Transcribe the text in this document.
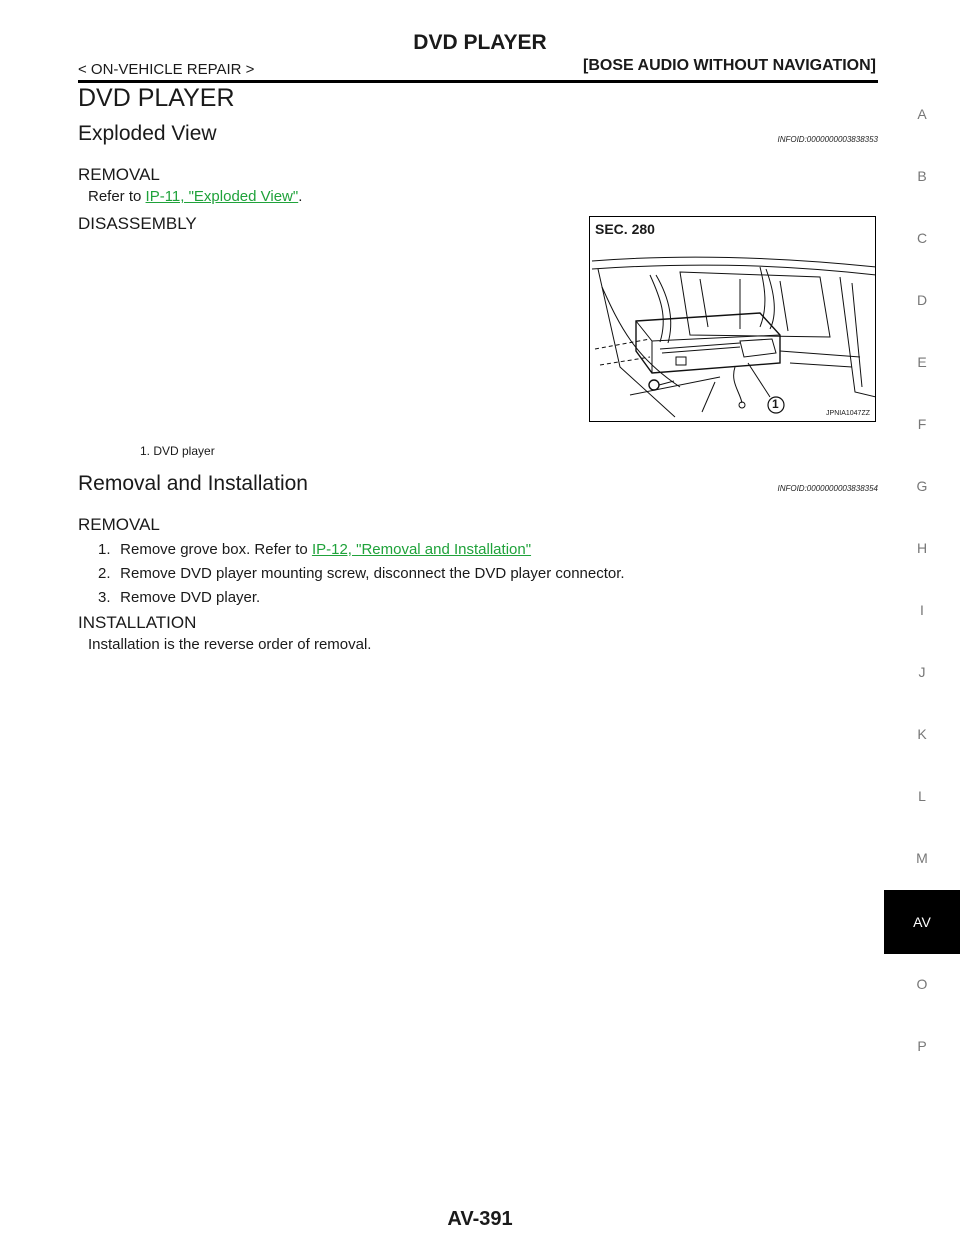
DVD PLAYER
< ON-VEHICLE REPAIR >	[BOSE AUDIO WITHOUT NAVIGATION]
DVD PLAYER
Exploded View	INFOID:0000000003838353
REMOVAL
Refer to IP-11, "Exploded View".
DISASSEMBLY	SEC. 280
1
JPNIA1047ZZ
1. DVD player
Removal and Installation	INFOID:0000000003838354
REMOVAL
1. Remove grove box. Refer to IP-12, "Removal and Installation"
2. Remove DVD player mounting screw, disconnect the DVD player connector.
3. Remove DVD player.
INSTALLATION
Installation is the reverse order of removal.
A
B
C
D
E
F
G
H
I
J
K
L
M
AV
O
P
AV-391
